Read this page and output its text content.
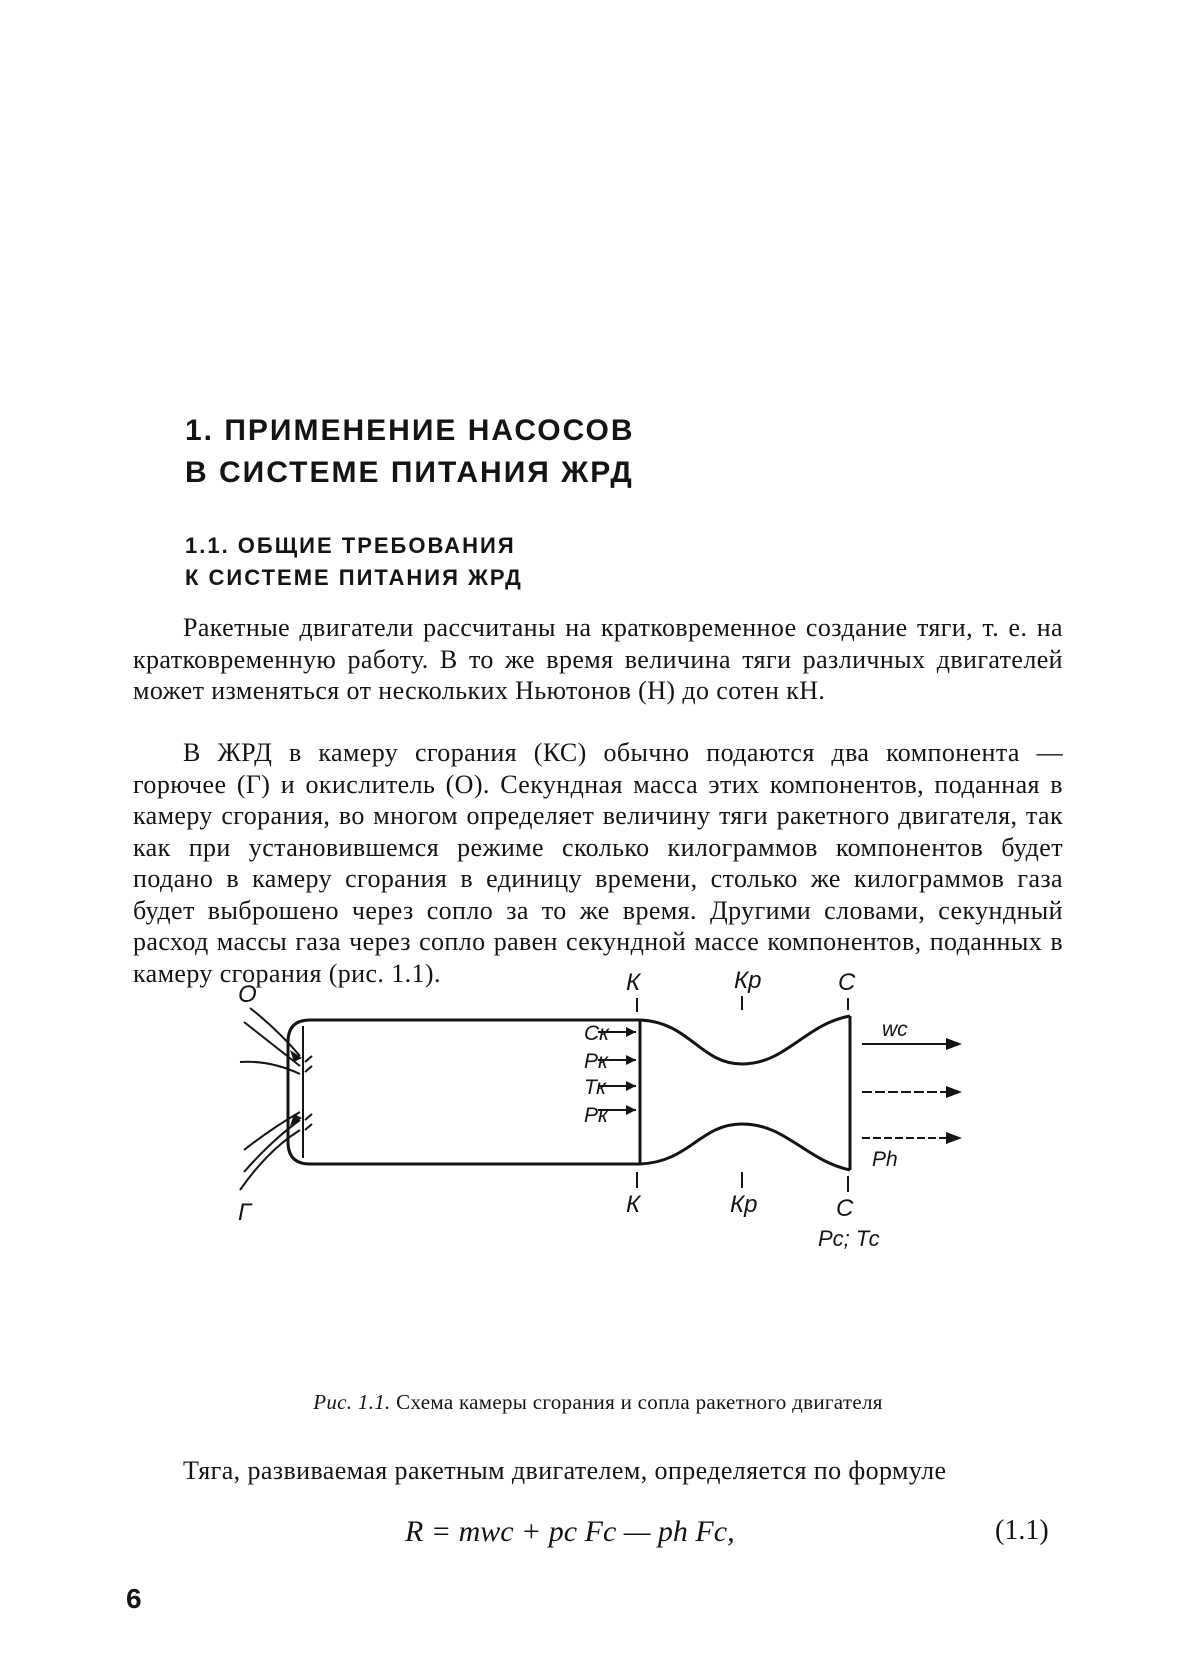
1. ПРИМЕНЕНИЕ НАСОСОВ
В СИСТЕМЕ ПИТАНИЯ ЖРД
1.1. ОБЩИЕ ТРЕБОВАНИЯ
К СИСТЕМЕ ПИТАНИЯ ЖРД
Ракетные двигатели рассчитаны на кратковременное создание тяги, т. е. на кратковременную работу. В то же время величина тяги различных двигателей может изменяться от нескольких Ньютонов (Н) до сотен кН.
В ЖРД в камеру сгорания (КС) обычно подаются два компонента — горючее (Г) и окислитель (О). Секундная масса этих компонентов, поданная в камеру сгорания, во многом определяет величину тяги ракетного двигателя, так как при установившемся режиме сколько килограммов компонентов будет подано в камеру сгорания в единицу времени, столько же килограммов газа будет выброшено через сопло за то же время. Другими словами, секундный расход массы газа через сопло равен секундной массе компонентов, поданных в камеру сгорания (рис. 1.1).
О
Г
К
К
Кр
Кр
С
С
Ск
Рк
Тк
Рк
wс
Рh
Рс; Тс
Рис. 1.1. Схема камеры сгорания и сопла ракетного двигателя
Тяга, развиваемая ракетным двигателем, определяется по формуле
R = mwс + pс Fс — ph Fс,	(1.1)
6
